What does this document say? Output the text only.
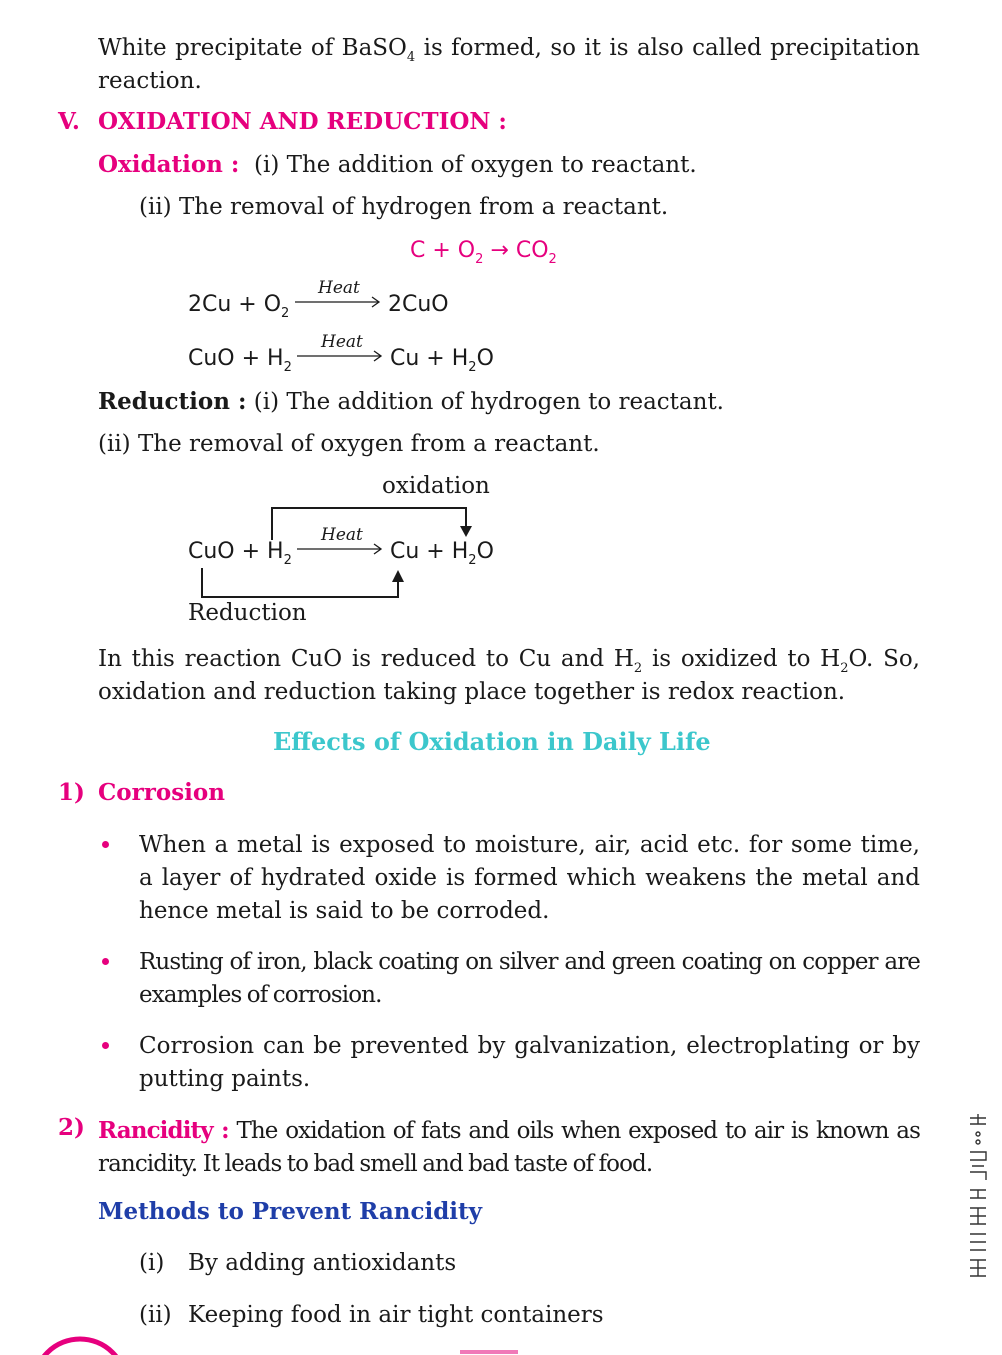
White precipitate of BaSO$_4$ is formed, so it is also called precipitation reaction.
V. OXIDATION AND REDUCTION :
Oxidation : (i) The addition of oxygen to reactant.
(ii) The removal of hydrogen from a reactant.
$C + O_2 \to CO_2$
$2Cu + O_2$
Heat
2CuO
CuO + $H_2$
Heat
$Cu + H_2O$
Reduction : (i) The addition of hydrogen to reactant.
(ii) The removal of oxygen from a reactant.
oxidation
CuO + $H_2$
Heat
$Cu + H_2O$
Reduction
In this reaction CuO is reduced to Cu and $H_2$ is oxidized to $H_2O$. So, oxidation and reduction taking place together is redox reaction.
Effects of Oxidation in Daily Life
1) Corrosion
When a metal is exposed to moisture, air, acid etc. for some time, a layer of hydrated oxide is formed which weakens the metal and hence metal is said to be corroded.
Rusting of iron, black coating on silver and green coating on copper are examples of corrosion.
Corrosion can be prevented by galvanization, electroplating or by putting paints.
2) Rancidity : The oxidation of fats and oils when exposed to air is known as rancidity. It leads to bad smell and bad taste of food.
Methods to Prevent Rancidity
(i) By adding antioxidants
(ii) Keeping food in air tight containers
